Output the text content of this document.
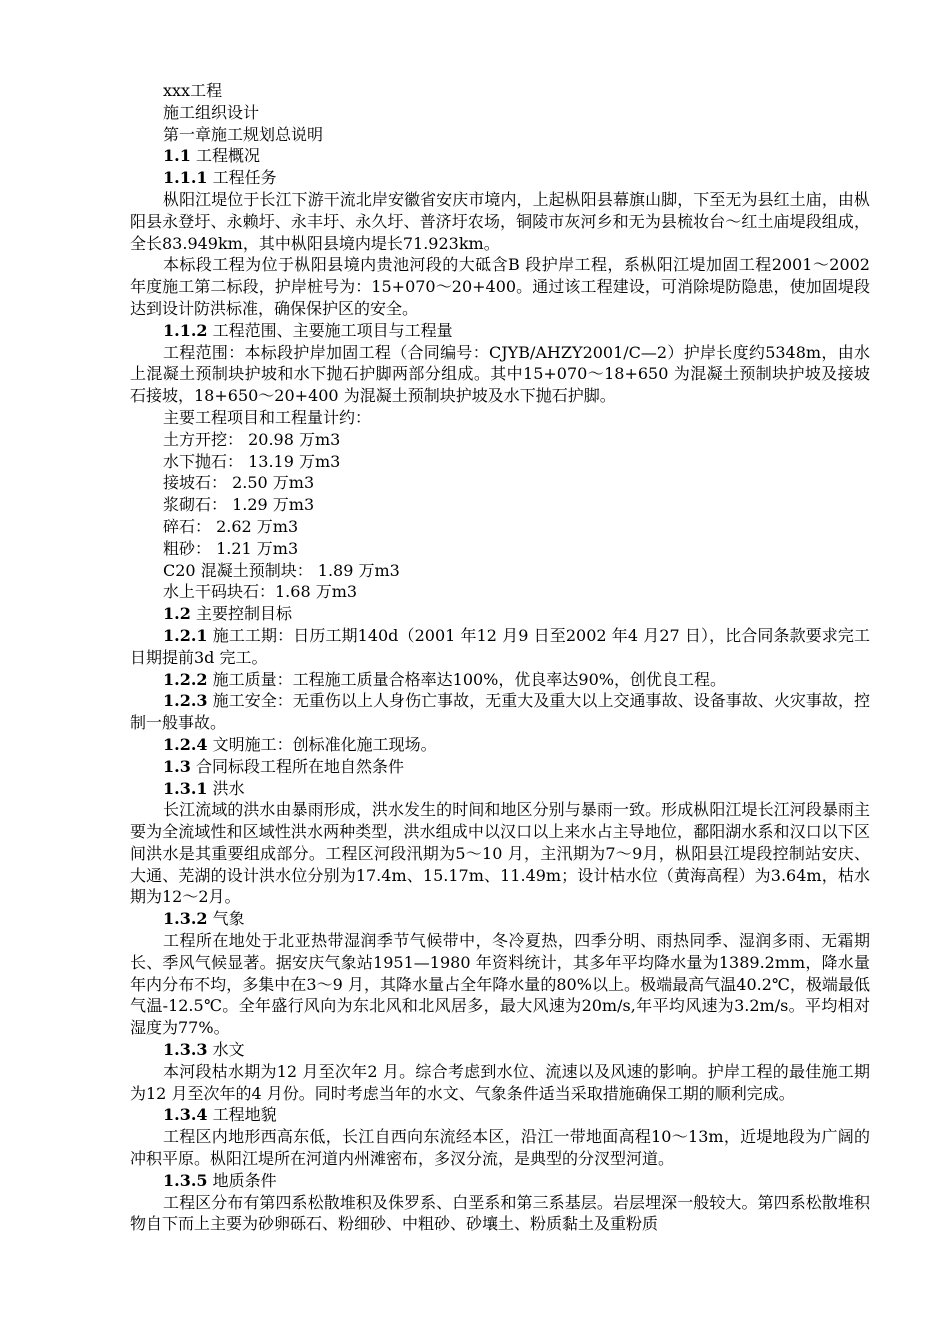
xxx工程

施工组织设计

第一章施工规划总说明

1.1 工程概况

1.1.1 工程任务

枞阳江堤位于长江下游干流北岸安徽省安庆市境内，上起枞阳县幕旗山脚，下至无为县红土庙，由枞阳县永登圩、永赖圩、永丰圩、永久圩、普济圩农场，铜陵市灰河乡和无为县梳妆台～红土庙堤段组成，全长83.949km，其中枞阳县境内堤长71.923km。

本标段工程为位于枞阳县境内贵池河段的大砥含B 段护岸工程，系枞阳江堤加固工程2001～2002 年度施工第二标段，护岸桩号为：15+070～20+400。通过该工程建设，可消除堤防隐患，使加固堤段达到设计防洪标准，确保保护区的安全。

1.1.2 工程范围、主要施工项目与工程量

工程范围：本标段护岸加固工程（合同编号：CJYB/AHZY2001/C—2）护岸长度约5348m，由水上混凝土预制块护坡和水下抛石护脚两部分组成。其中15+070～18+650 为混凝土预制块护坡及接坡石接坡，18+650～20+400 为混凝土预制块护坡及水下抛石护脚。

主要工程项目和工程量计约：

土方开挖： 20.98 万m3

水下抛石： 13.19 万m3

接坡石： 2.50 万m3

浆砌石： 1.29 万m3

碎石： 2.62 万m3

粗砂： 1.21 万m3

C20 混凝土预制块： 1.89 万m3

水上干码块石：1.68 万m3

1.2 主要控制目标

1.2.1 施工工期：日历工期140d（2001 年12 月9 日至2002 年4 月27 日），比合同条款要求完工日期提前3d 完工。

1.2.2 施工质量：工程施工质量合格率达100%，优良率达90%，创优良工程。

1.2.3 施工安全：无重伤以上人身伤亡事故，无重大及重大以上交通事故、设备事故、火灾事故，控制一般事故。

1.2.4 文明施工：创标准化施工现场。

1.3 合同标段工程所在地自然条件

1.3.1 洪水

长江流域的洪水由暴雨形成，洪水发生的时间和地区分别与暴雨一致。形成枞阳江堤长江河段暴雨主要为全流域性和区域性洪水两种类型，洪水组成中以汉口以上来水占主导地位，鄱阳湖水系和汉口以下区间洪水是其重要组成部分。工程区河段汛期为5～10 月，主汛期为7～9月，枞阳县江堤段控制站安庆、大通、芜湖的设计洪水位分别为17.4m、15.17m、11.49m；设计枯水位（黄海高程）为3.64m，枯水期为12～2月。

1.3.2 气象

工程所在地处于北亚热带湿润季节气候带中，冬冷夏热，四季分明、雨热同季、湿润多雨、无霜期长、季风气候显著。据安庆气象站1951—1980 年资料统计，其多年平均降水量为1389.2mm，降水量年内分布不均，多集中在3～9 月，其降水量占全年降水量的80%以上。极端最高气温40.2℃，极端最低气温-12.5℃。全年盛行风向为东北风和北风居多，最大风速为20m/s,年平均风速为3.2m/s。平均相对湿度为77%。

1.3.3 水文

本河段枯水期为12 月至次年2 月。综合考虑到水位、流速以及风速的影响。护岸工程的最佳施工期为12 月至次年的4 月份。同时考虑当年的水文、气象条件适当采取措施确保工期的顺利完成。

1.3.4 工程地貌

工程区内地形西高东低，长江自西向东流经本区，沿江一带地面高程10～13m，近堤地段为广阔的冲积平原。枞阳江堤所在河道内州滩密布，多汊分流，是典型的分汊型河道。

1.3.5 地质条件

工程区分布有第四系松散堆积及侏罗系、白垩系和第三系基层。岩层埋深一般较大。第四系松散堆积物自下而上主要为砂卵砾石、粉细砂、中粗砂、砂壤土、粉质黏土及重粉质
